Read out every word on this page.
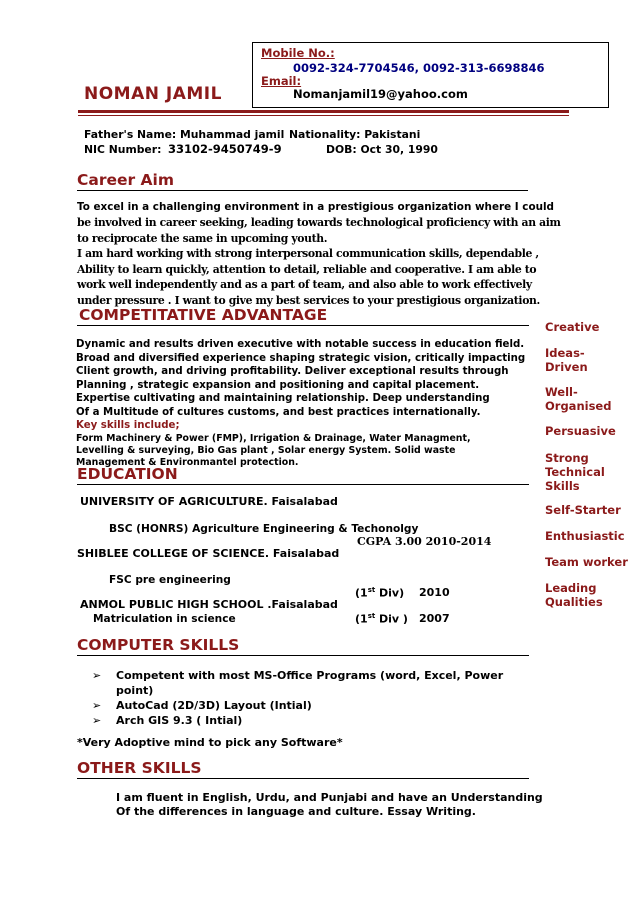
Mobile No.:
0092-324-7704546, 0092-313-6698846
Email:
Nomanjamil19@yahoo.com
NOMAN JAMIL
Father's Name: Muhammad jamil
NIC Number: 33102-9450749-9
Nationality: Pakistani
DOB: Oct 30, 1990
Career Aim
To excel in a challenging environment in a prestigious organization where I could
be involved in career seeking, leading towards technological proficiency with an aim
to reciprocate the same in upcoming youth.
I am hard working with strong interpersonal communication skills, dependable ,
Ability to learn quickly, attention to detail, reliable and cooperative. I am able to
work well independently and as a part of team, and also able to work effectively
under pressure . I want to give my best services to your prestigious organization.
COMPETITATIVE ADVANTAGE
Dynamic and results driven executive with notable success in education field.
Broad and diversified experience shaping strategic vision, critically impacting
Client growth, and driving profitability. Deliver exceptional results through
Planning , strategic expansion and positioning and capital placement.
Expertise cultivating and maintaining relationship. Deep understanding
Of a Multitude of cultures customs, and best practices internationally.
Key skills include;
Form Machinery & Power (FMP), Irrigation & Drainage, Water Managment,
Levelling & surveying, Bio Gas plant , Solar energy System. Solid waste
Management & Environmantel protection.
EDUCATION
UNIVERSITY OF AGRICULTURE. Faisalabad
BSC (HONRS) Agriculture Engineering & Techonolgy
CGPA 3.00 2010-2014
SHIBLEE COLLEGE OF SCIENCE. Faisalabad
FSC pre engineering
(1st Div) 2010
ANMOL PUBLIC HIGH SCHOOL .Faisalabad
Matriculation in science	(1st Div ) 2007
COMPUTER SKILLS
➢ Competent with most MS-Office Programs (word, Excel, Power
point)
➢ AutoCad (2D/3D) Layout (Intial)
➢ Arch GIS 9.3 ( Intial)
*Very Adoptive mind to pick any Software*
OTHER SKILLS
I am fluent in English, Urdu, and Punjabi and have an Understanding
Of the differences in language and culture. Essay Writing.
Creative
Ideas-
Driven
Well-
Organised
Persuasive
Strong
Technical
Skills
Self-Starter
Enthusiastic
Team worker
Leading
Qualities
